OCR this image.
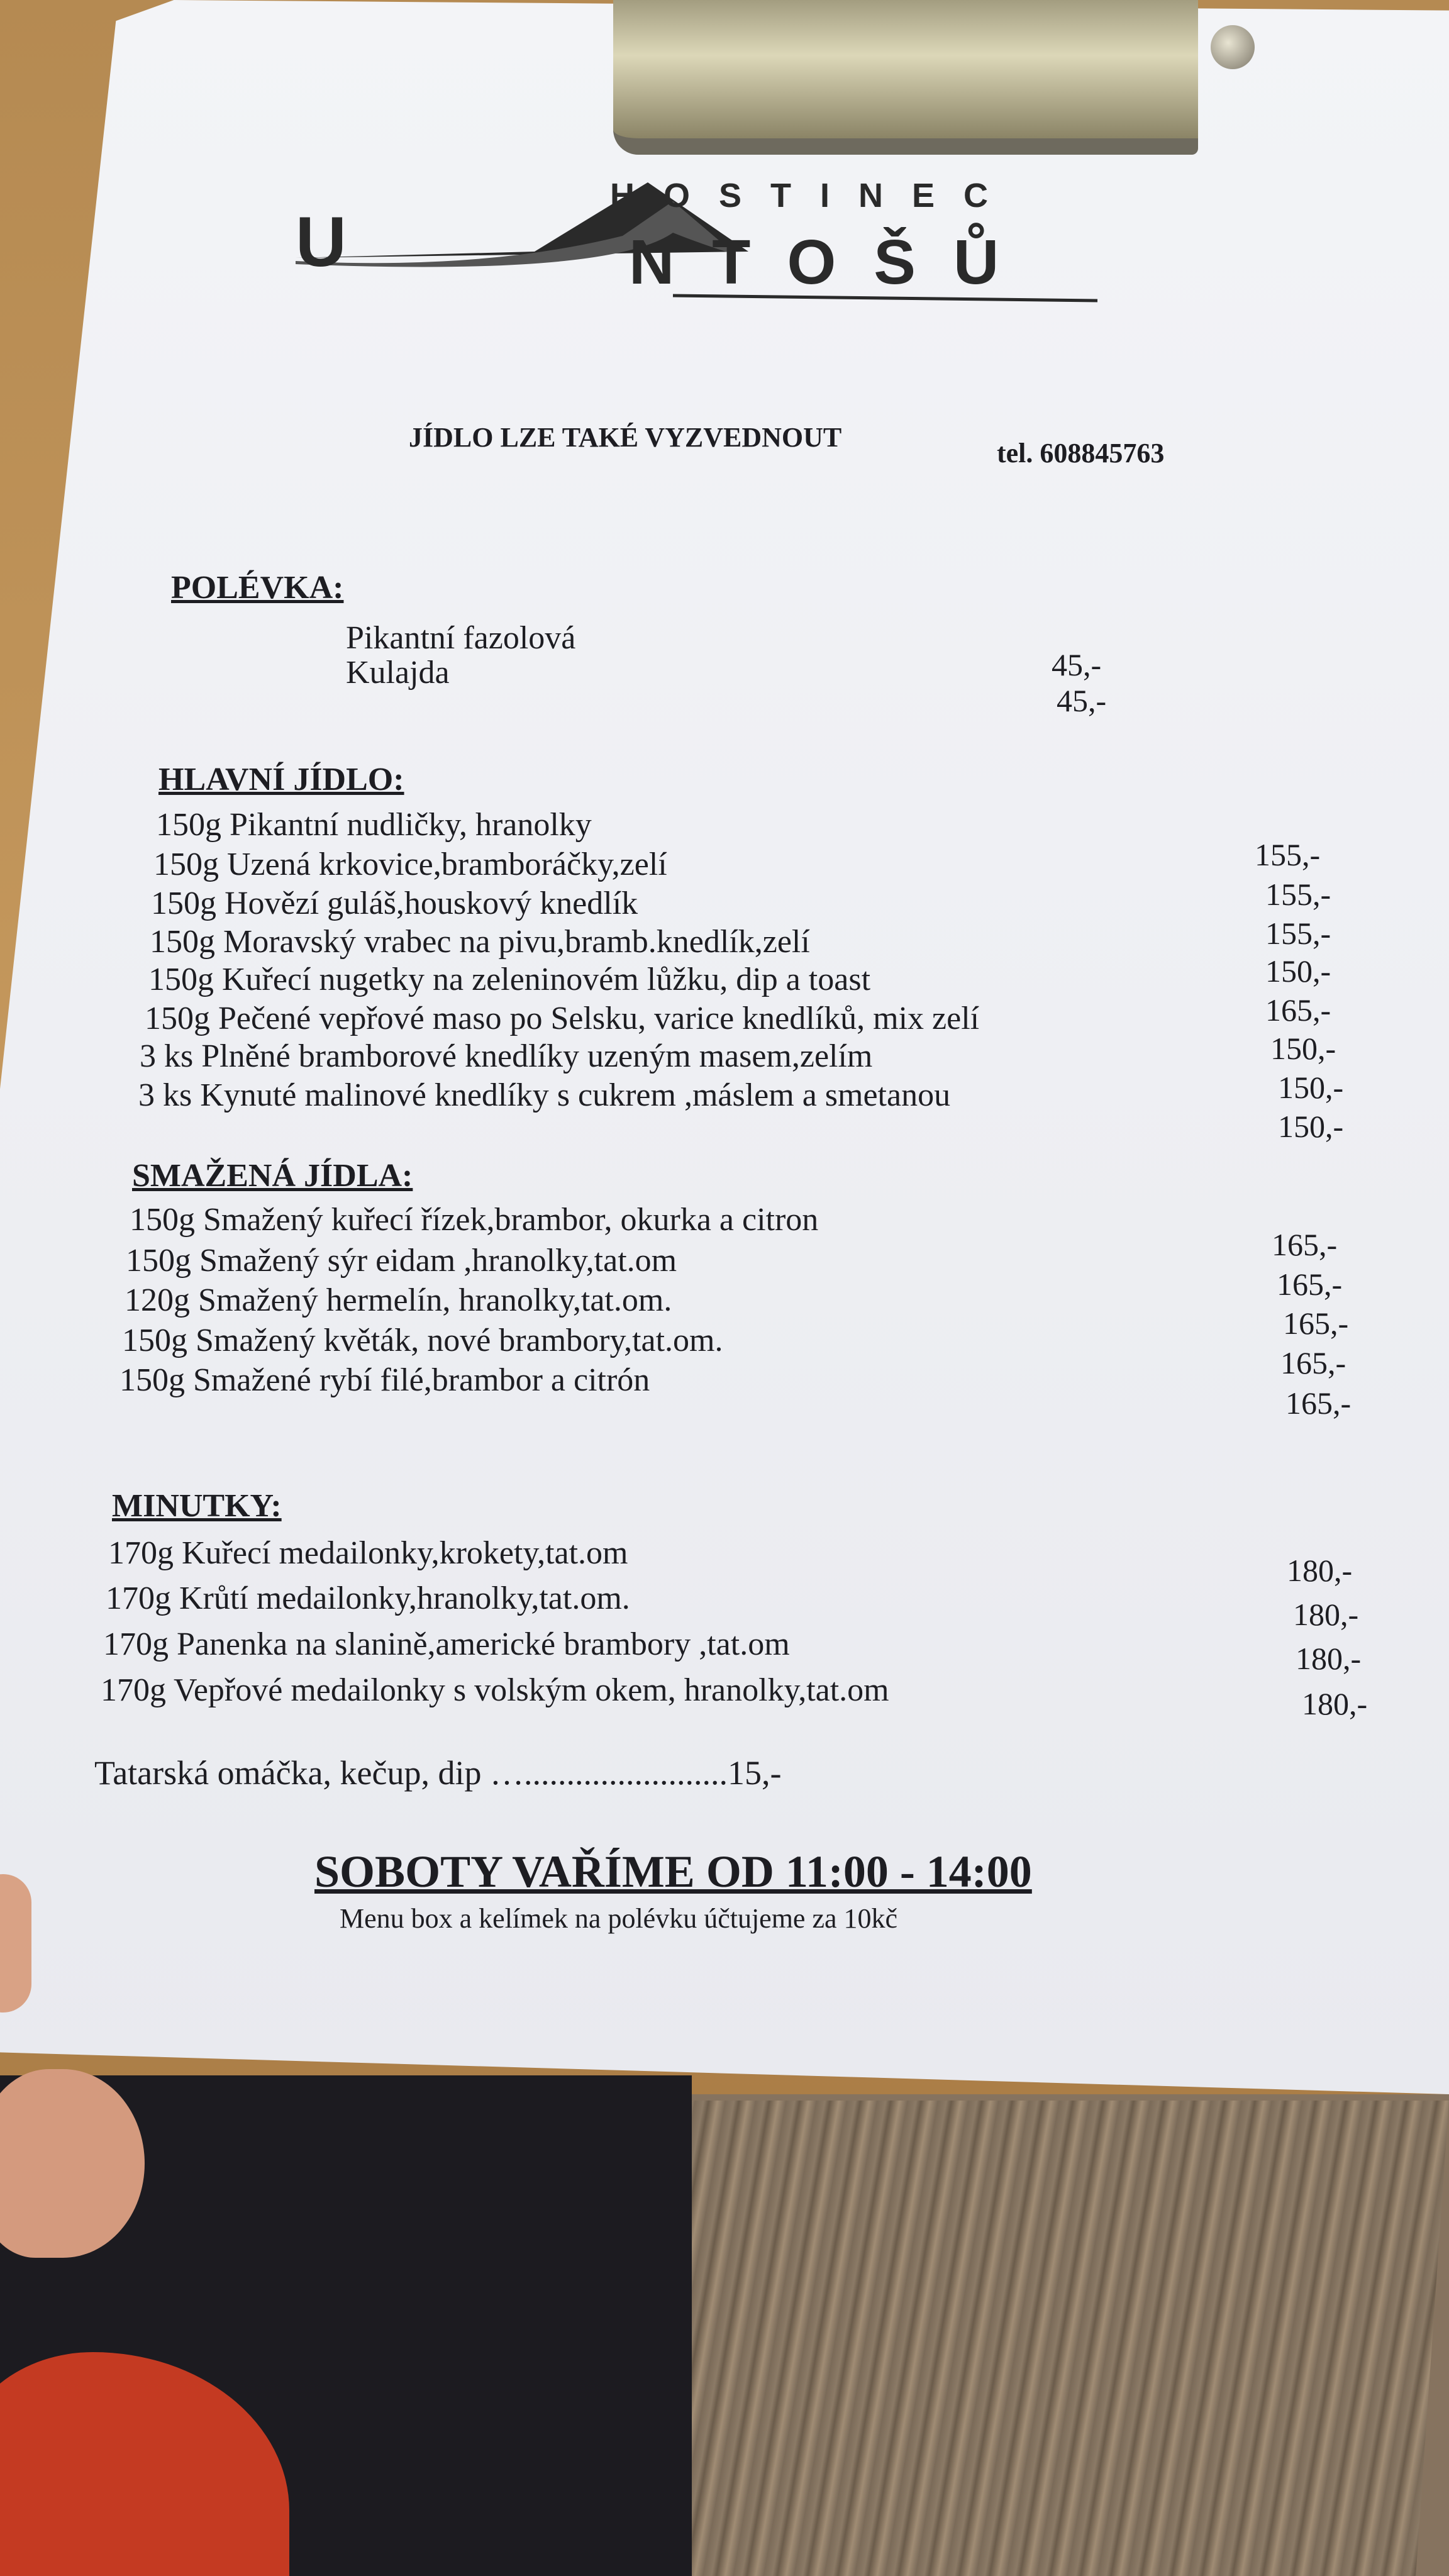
U
HOSTINEC
NTOŠŮ
JÍDLO LZE TAKÉ VYZVEDNOUT
tel. 608845763
POLÉVKA:
Pikantní fazolová
45,-
Kulajda
45,-
HLAVNÍ JÍDLO:
150g Pikantní nudličky, hranolky
155,-
150g Uzená krkovice,bramboráčky,zelí
155,-
150g Hovězí guláš,houskový knedlík
155,-
150g Moravský vrabec na pivu,bramb.knedlík,zelí
150,-
150g Kuřecí nugetky na zeleninovém lůžku, dip a toast
165,-
150g Pečené vepřové maso po Selsku, varice knedlíků, mix zelí
150,-
3 ks Plněné bramborové knedlíky uzeným masem,zelím
150,-
3 ks Kynuté malinové knedlíky s cukrem ,máslem a smetanou
150,-
SMAŽENÁ JÍDLA:
150g Smažený kuřecí řízek,brambor, okurka a citron
165,-
150g Smažený sýr eidam ,hranolky,tat.om
165,-
120g Smažený hermelín, hranolky,tat.om.
165,-
150g Smažený květák, nové brambory,tat.om.
165,-
150g Smažené rybí filé,brambor a citrón
165,-
MINUTKY:
170g Kuřecí medailonky,krokety,tat.om	180,-
170g Krůtí medailonky,hranolky,tat.om.	180,-
170g Panenka na slanině,americké brambory ,tat.om	180,-
170g Vepřové medailonky s volským okem, hranolky,tat.om	180,-
Tatarská omáčka, kečup, dip …........................15,-
SOBOTY VAŘÍME OD 11:00 - 14:00
Menu box a kelímek na polévku účtujeme za 10kč
